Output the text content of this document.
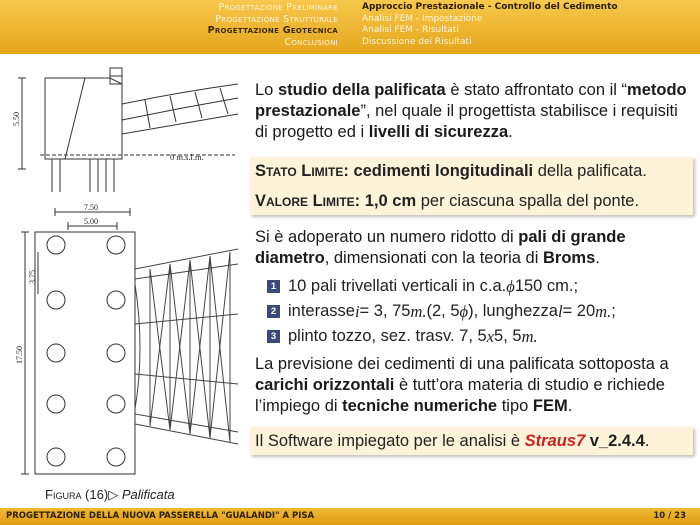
Progettazione Preliminare
Progettazione Strutturale
Progettazione Geotecnica
Conclusioni
Approccio Prestazionale - Controllo del Cedimento
Analisi FEM - Impostazione
Analisi FEM - Risultati
Discussione dei Risultati
5.50
0 m.s.l.m.
7.50
5.00
3.75
17.50
Figura (16)▷ Palificata

Lo studio della palificata è stato affrontato con il “metodo prestazionale”, nel quale il progettista stabilisce i requisiti di progetto ed i livelli di sicurezza.

Stato Limite: cedimenti longitudinali della palificata.
Valore Limite: 1,0 cm per ciascuna spalla del ponte.

Si è adoperato un numero ridotto di pali di grande diametro, dimensionati con la teoria di Broms.

1 10 pali trivellati verticali in c.a. ϕ 150 cm.;
2 interasse i = 3, 75 m. (2, 5 ϕ ), lunghezza l = 20 m. ;
3 plinto tozzo, sez. trasv. 7, 5 x 5, 5 m.

La previsione dei cedimenti di una palificata sottoposta a carichi orizzontali è tutt’ora materia di studio e richiede l’impiego di tecniche numeriche tipo FEM.

Il Software impiegato per le analisi è Straus7 v_2.4.4.
PROGETTAZIONE DELLA NUOVA PASSERELLA "GUALANDI" A PISA	10 / 23
